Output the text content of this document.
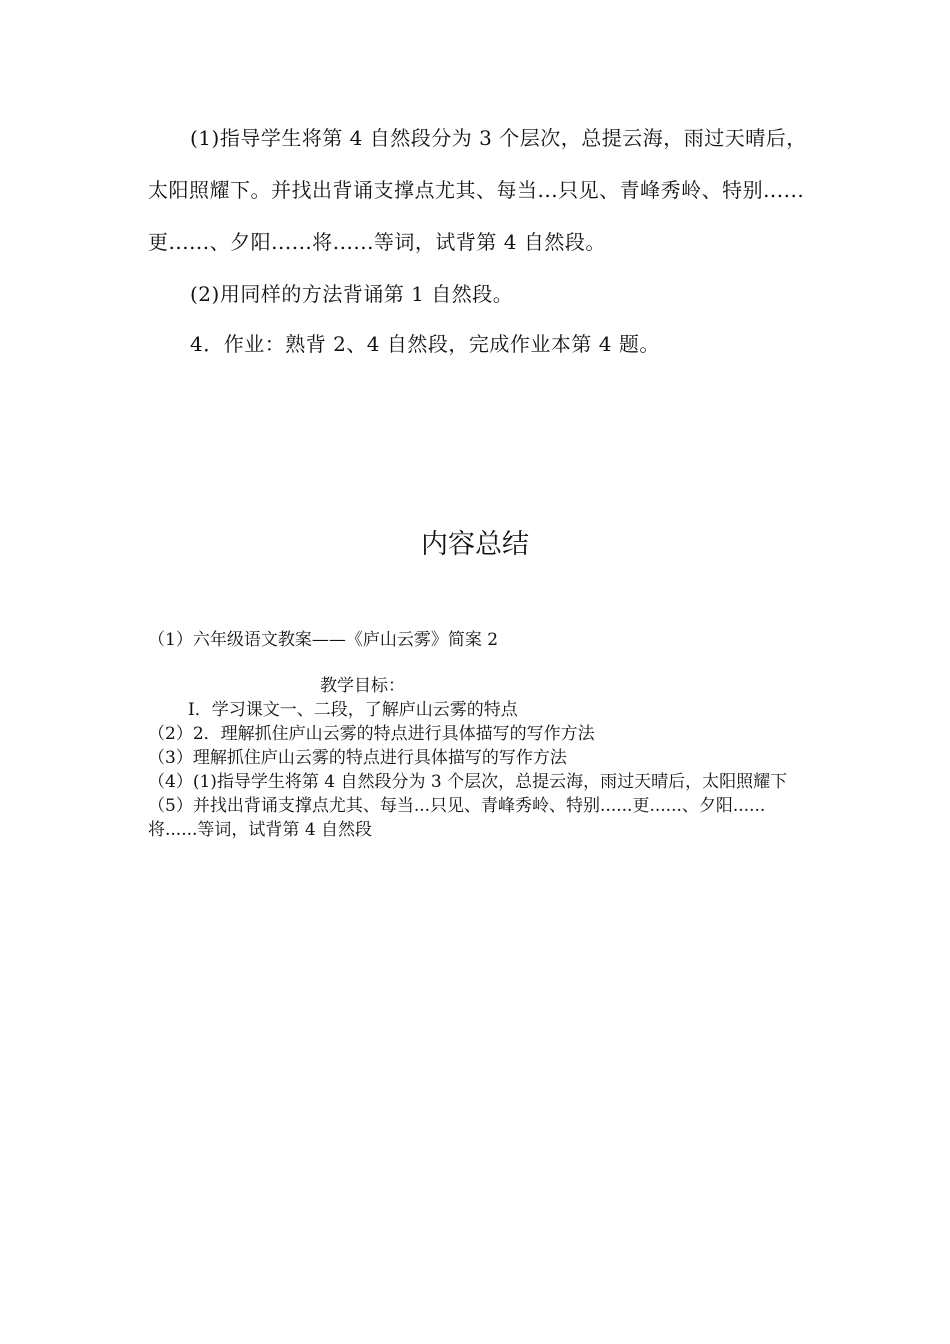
(1)指导学生将第 4 自然段分为 3 个层次，总提云海，雨过天晴后，太阳照耀下。并找出背诵支撑点尤其、每当...只见、青峰秀岭、特别......更......、夕阳......将......等词，试背第 4 自然段。

(2)用同样的方法背诵第 1 自然段。

4．作业：熟背 2、4 自然段，完成作业本第 4 题。

内容总结

（1）六年级语文教案——《庐山云雾》简案 2

教学目标：

I．学习课文一、二段，了解庐山云雾的特点

（2）2．理解抓住庐山云雾的特点进行具体描写的写作方法
（3）理解抓住庐山云雾的特点进行具体描写的写作方法
（4）(1)指导学生将第 4 自然段分为 3 个层次，总提云海，雨过天晴后，太阳照耀下
（5）并找出背诵支撑点尤其、每当...只见、青峰秀岭、特别......更......、夕阳......将......等词，试背第 4 自然段
